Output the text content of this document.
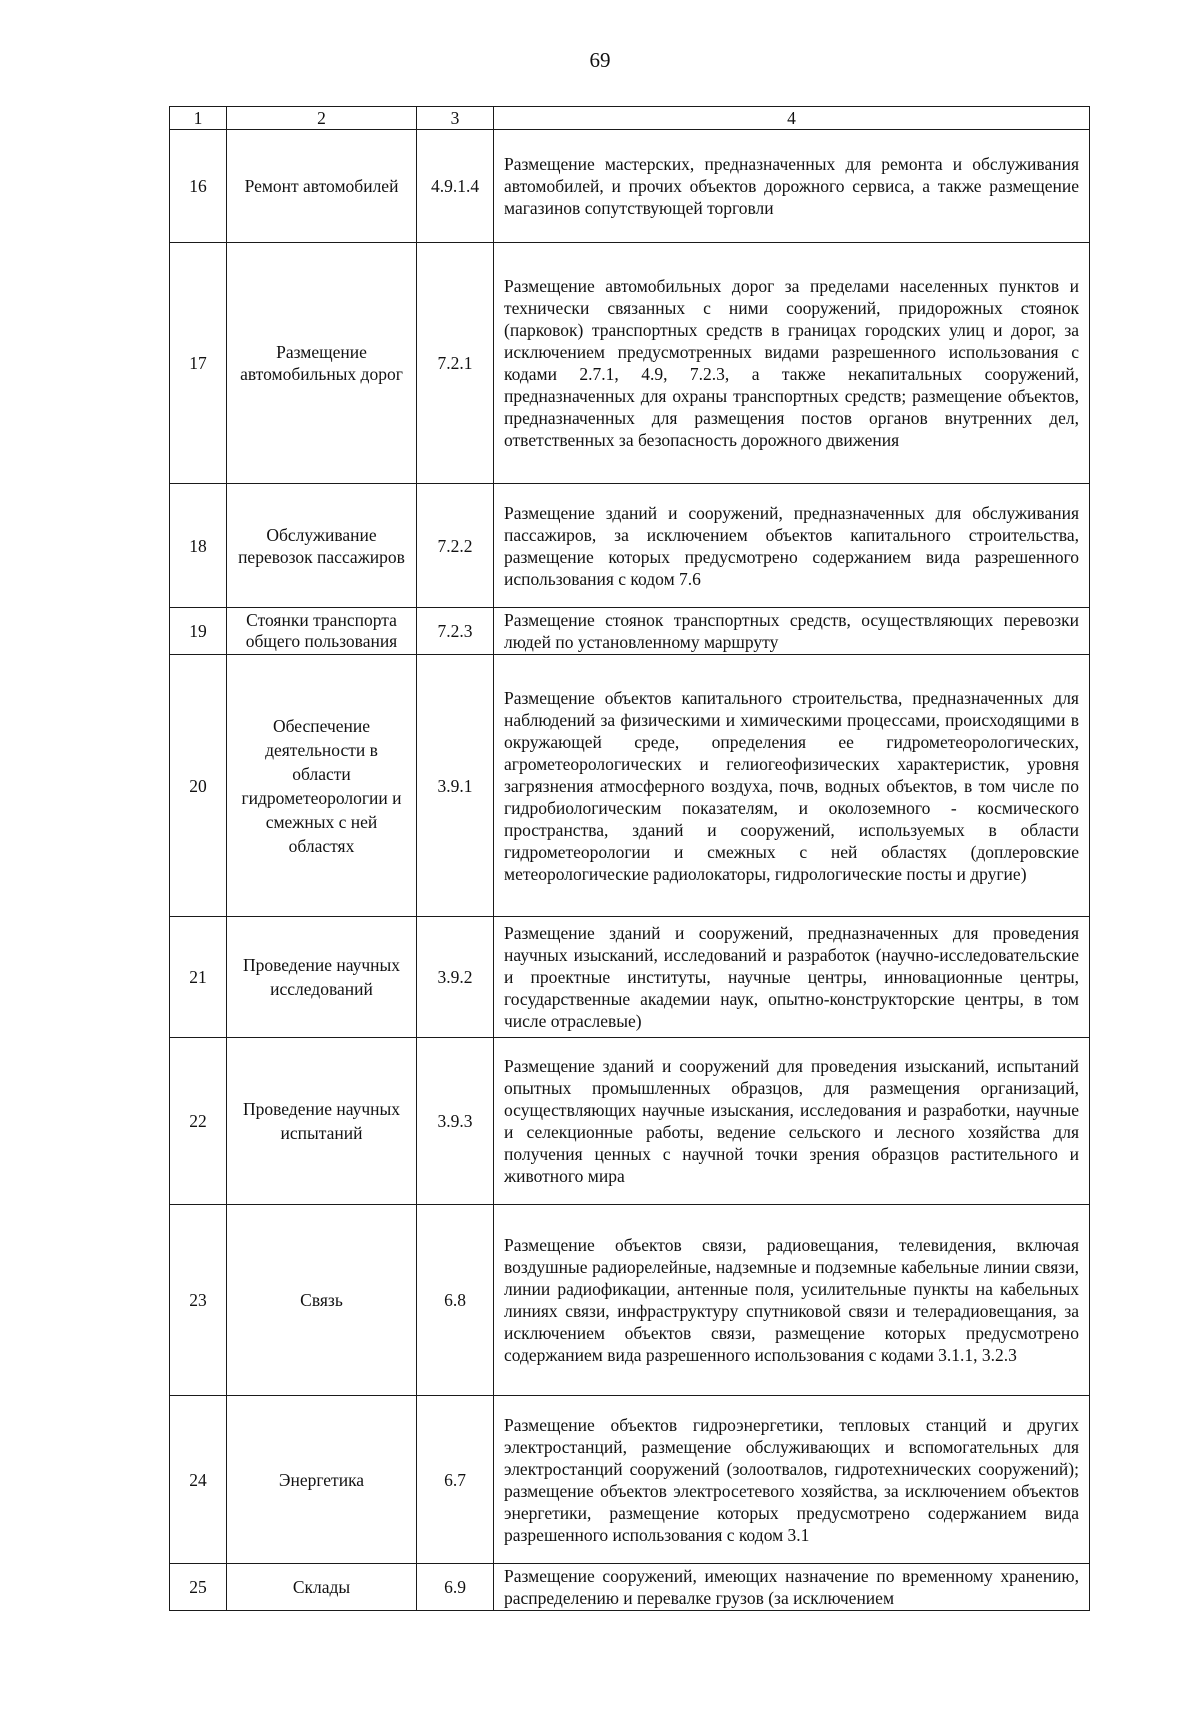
69
1	2	3	4
16	Ремонт автомобилей	4.9.1.4	Размещение мастерских, предназначенных для ремонта и обслуживания автомобилей, и прочих объектов дорожного сервиса, а также размещение магазинов сопутствующей торговли

17	Размещение автомобильных дорог	7.2.1	Размещение автомобильных дорог за пределами населенных пунктов и технически связанных с ними сооружений, придорожных стоянок (парковок) транспортных средств в границах городских улиц и дорог, за исключением предусмотренных видами разрешенного использования с кодами 2.7.1, 4.9, 7.2.3, а также некапитальных сооружений, предназначенных для охраны транспортных средств; размещение объектов, предназначенных для размещения постов органов внутренних дел, ответственных за безопасность дорожного движения

18	Обслуживание перевозок пассажиров	7.2.2	Размещение зданий и сооружений, предназначенных для обслуживания пассажиров, за исключением объектов капитального строительства, размещение которых предусмотрено содержанием вида разрешенного использования с кодом 7.6

19	Стоянки транспорта общего пользования	7.2.3	Размещение стоянок транспортных средств, осуществляющих перевозки людей по установленному маршруту

20	Обеспечение деятельности в области гидрометеорологии и смежных с ней областях	3.9.1	Размещение объектов капитального строительства, предназначенных для наблюдений за физическими и химическими процессами, происходящими в окружающей среде, определения ее гидрометеорологических, агрометеорологических и гелиогеофизических характеристик, уровня загрязнения атмосферного воздуха, почв, водных объектов, в том числе по гидробиологическим показателям, и околоземного - космического пространства, зданий и сооружений, используемых в области гидрометеорологии и смежных с ней областях (доплеровские метеорологические радиолокаторы, гидрологические посты и другие)

21	Проведение научных исследований	3.9.2	Размещение зданий и сооружений, предназначенных для проведения научных изысканий, исследований и разработок (научно-исследовательские и проектные институты, научные центры, инновационные центры, государственные академии наук, опытно-конструкторские центры, в том числе отраслевые)

22	Проведение научных испытаний	3.9.3	Размещение зданий и сооружений для проведения изысканий, испытаний опытных промышленных образцов, для размещения организаций, осуществляющих научные изыскания, исследования и разработки, научные и селекционные работы, ведение сельского и лесного хозяйства для получения ценных с научной точки зрения образцов растительного и животного мира

23	Связь	6.8	Размещение объектов связи, радиовещания, телевидения, включая воздушные радиорелейные, надземные и подземные кабельные линии связи, линии радиофикации, антенные поля, усилительные пункты на кабельных линиях связи, инфраструктуру спутниковой связи и телерадиовещания, за исключением объектов связи, размещение которых предусмотрено содержанием вида разрешенного использования с кодами 3.1.1, 3.2.3

24	Энергетика	6.7	Размещение объектов гидроэнергетики, тепловых станций и других электростанций, размещение обслуживающих и вспомогательных для электростанций сооружений (золоотвалов, гидротехнических сооружений); размещение объектов электросетевого хозяйства, за исключением объектов энергетики, размещение которых предусмотрено содержанием вида разрешенного использования с кодом 3.1

25	Склады	6.9	Размещение сооружений, имеющих назначение по временному хранению, распределению и перевалке грузов (за исключением
